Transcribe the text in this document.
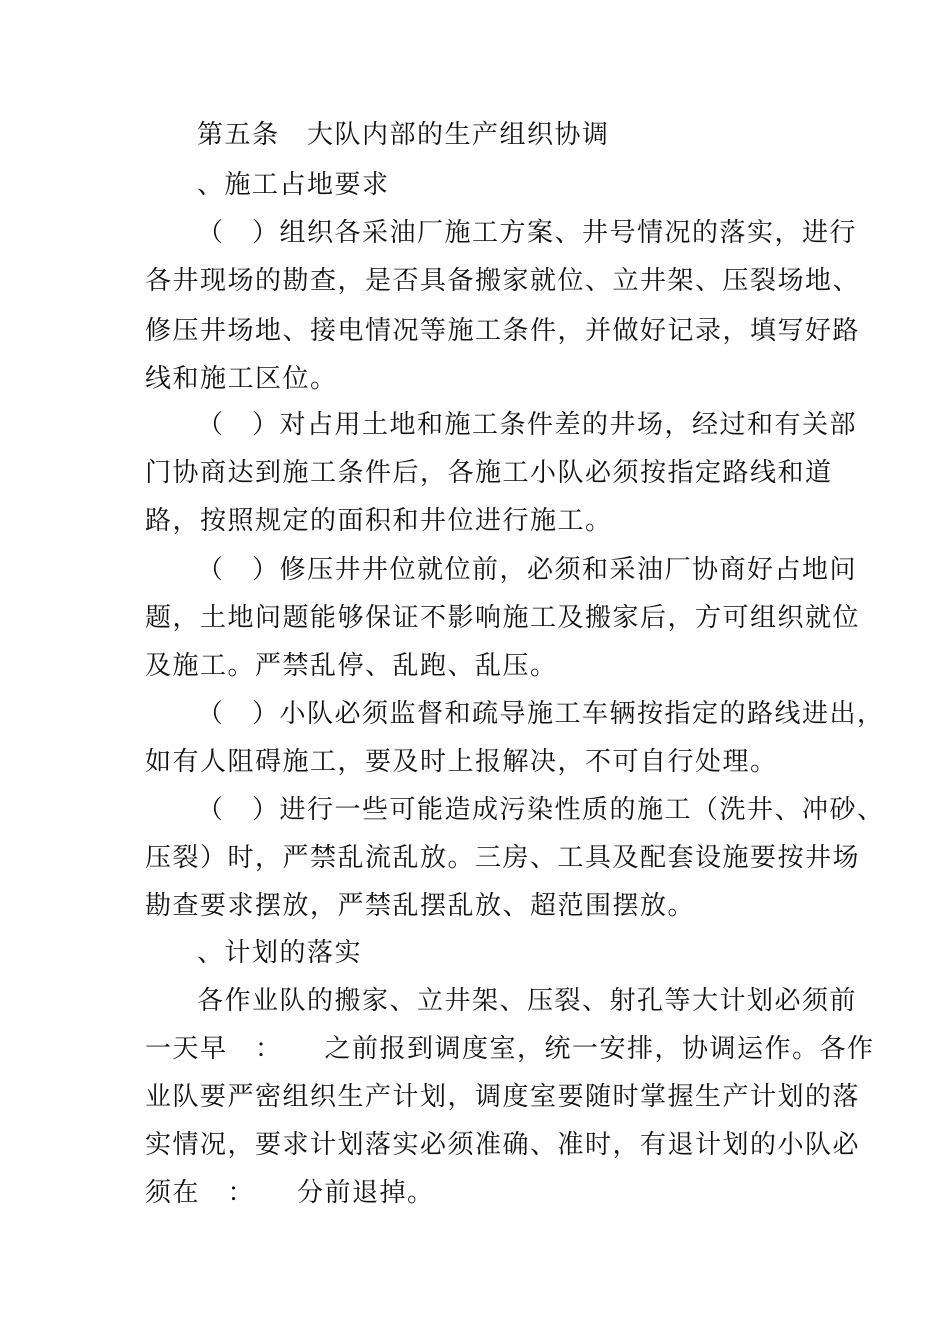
第五条　大队内部的生产组织协调
、施工占地要求
（　）组织各采油厂施工方案、井号情况的落实，进行
各井现场的勘查，是否具备搬家就位、立井架、压裂场地、
修压井场地、接电情况等施工条件，并做好记录，填写好路
线和施工区位。
（　）对占用土地和施工条件差的井场，经过和有关部
门协商达到施工条件后，各施工小队必须按指定路线和道
路，按照规定的面积和井位进行施工。
（　）修压井井位就位前，必须和采油厂协商好占地问
题，土地问题能够保证不影响施工及搬家后，方可组织就位
及施工。严禁乱停、乱跑、乱压。
（　）小队必须监督和疏导施工车辆按指定的路线进出，
如有人阻碍施工，要及时上报解决，不可自行处理。
（　）进行一些可能造成污染性质的施工（洗井、冲砂、
压裂）时，严禁乱流乱放。三房、工具及配套设施要按井场
勘查要求摆放，严禁乱摆乱放、超范围摆放。
、计划的落实
各作业队的搬家、立井架、压裂、射孔等大计划必须前
一天早　：　　之前报到调度室，统一安排，协调运作。各作
业队要严密组织生产计划，调度室要随时掌握生产计划的落
实情况，要求计划落实必须准确、准时，有退计划的小队必
须在　：　　分前退掉。
